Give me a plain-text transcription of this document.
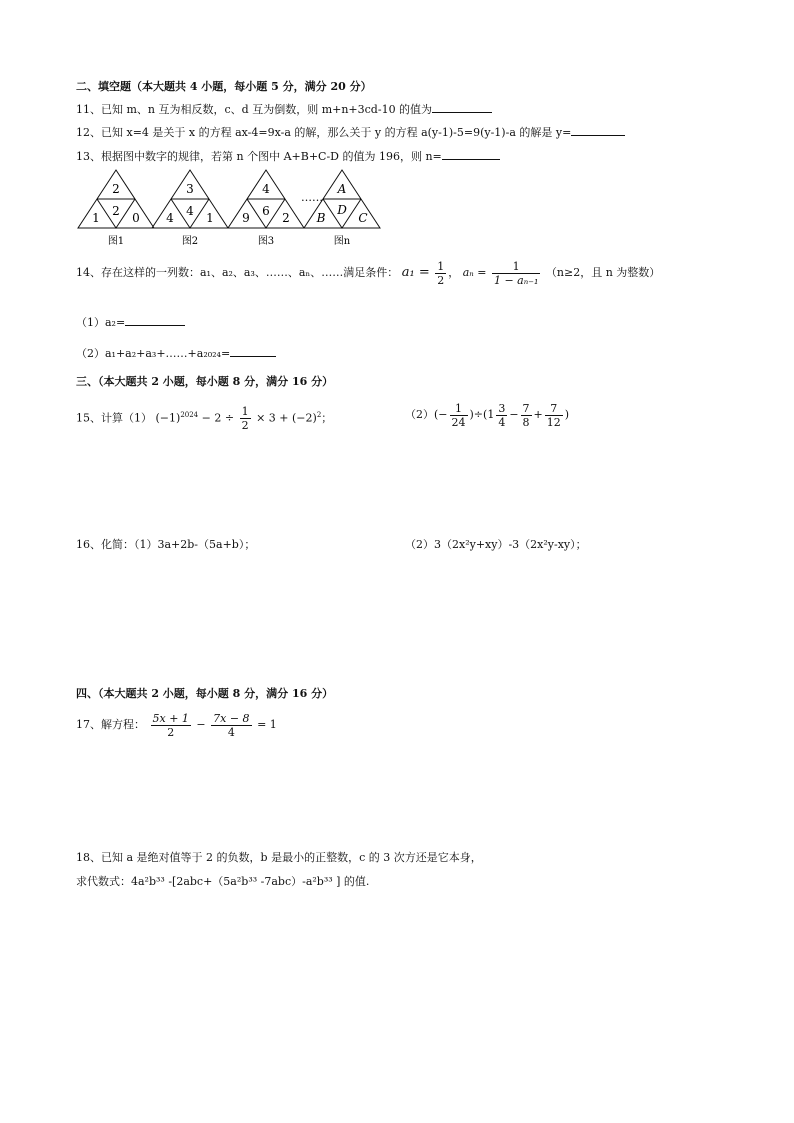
二、填空题（本大题共 4 小题，每小题 5 分，满分 20 分）
11、已知 m、n 互为相反数，c、d 互为倒数，则 m+n+3cd-10 的值为
12、已知 x=4 是关于 x 的方程 ax-4=9x-a 的解，那么关于 y 的方程 a(y-1)-5=9(y-1)-a 的解是 y=
13、根据图中数字的规律，若第 n 个图中 A+B+C-D 的值为 196，则 n=
2
1 2 0
图1
3
4 4 1
图2
4
9 6 2
图3
……
A
B
D
C
图n
14、存在这样的一列数：a₁、a₂、a₃、……、aₙ、……满足条件： $a_1 = \frac{1}{2}$ ， $a_n = \frac{1}{\text{1 − aₙ₋₁}} (n\ge 2$，且 n 为整数）
（1）a₂=
（2）a₁+a₂+a₃+……+a₂₀₂₄=
三、（本大题共 2 小题，每小题 8 分，满分 16 分）
15、计算（1） $(-1)^{2024} - 2 \div \frac{1}{2} \times 3 + (-2)^2$；	$(2)(- \frac{1}{24} )\div(1 \frac{3}{4} - \frac{7}{8} + \frac{7}{12}$ )
16、化简：（1）3a+2b-（5a+b）；	（2）3（2x²y+xy）-3（2x²y-xy）；
四、（本大题共 2 小题，每小题 8 分，满分 16 分）
17、解方程： $\frac{5x + 1}{2} - \frac{7x - 8}{4} = 1$
18、已知 a 是绝对值等于 2 的负数，b 是最小的正整数，c 的 3 次方还是它本身，
求代数式：4a²b³³ -[2abc+（5a²b³³ -7abc）-a²b³³ ] 的值.
